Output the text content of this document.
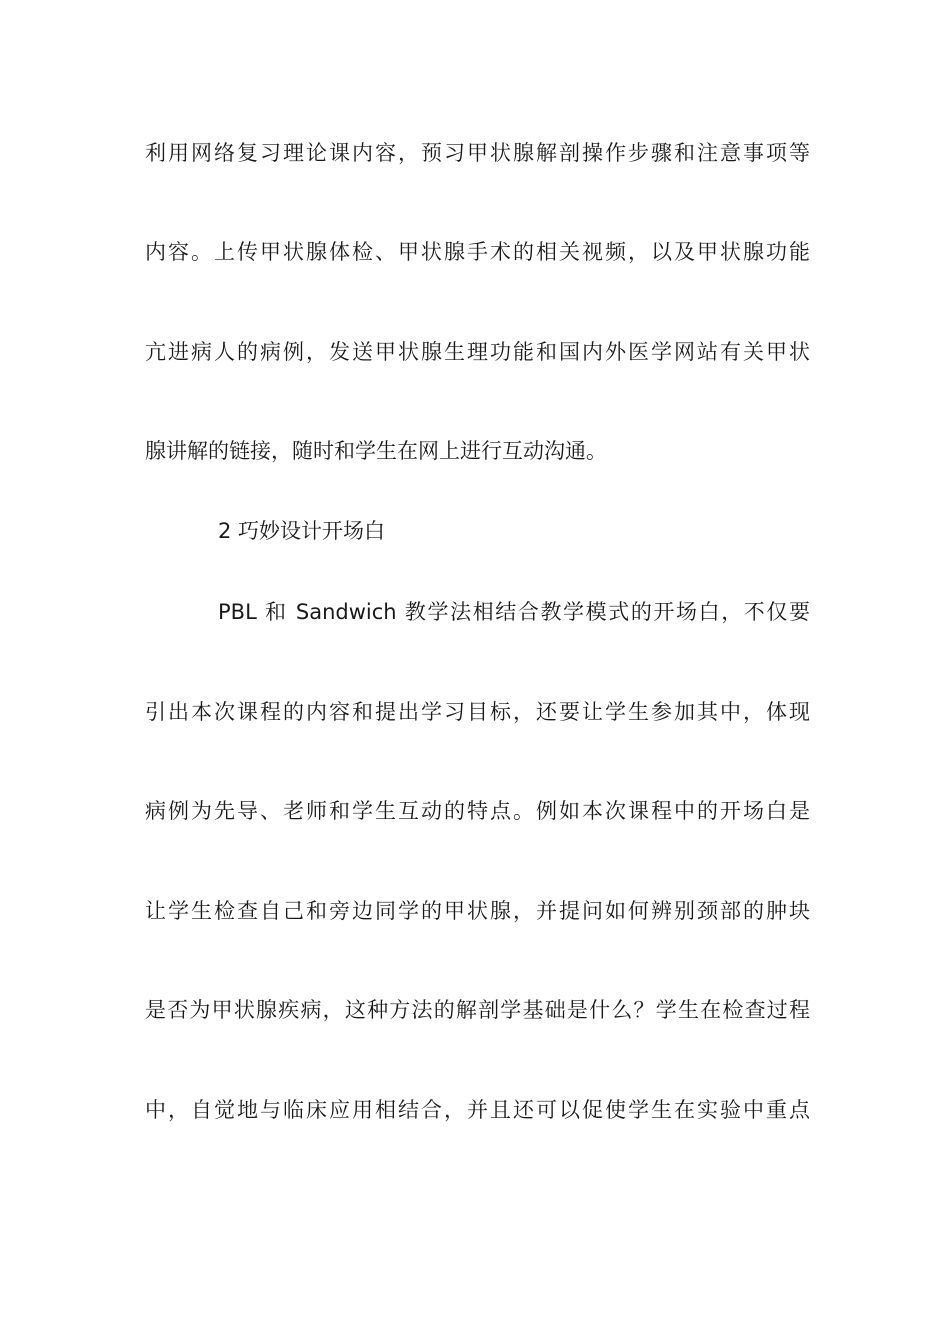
利用网络复习理论课内容，预习甲状腺解剖操作步骤和注意事项等
内容。上传甲状腺体检、甲状腺手术的相关视频，以及甲状腺功能
亢进病人的病例，发送甲状腺生理功能和国内外医学网站有关甲状
腺讲解的链接，随时和学生在网上进行互动沟通。
2 巧妙设计开场白
PBL 和 Sandwich 教学法相结合教学模式的开场白，不仅要
引出本次课程的内容和提出学习目标，还要让学生参加其中，体现
病例为先导、老师和学生互动的特点。例如本次课程中的开场白是
让学生检查自己和旁边同学的甲状腺，并提问如何辨别颈部的肿块
是否为甲状腺疾病，这种方法的解剖学基础是什么？学生在检查过程
中，自觉地与临床应用相结合，并且还可以促使学生在实验中重点
